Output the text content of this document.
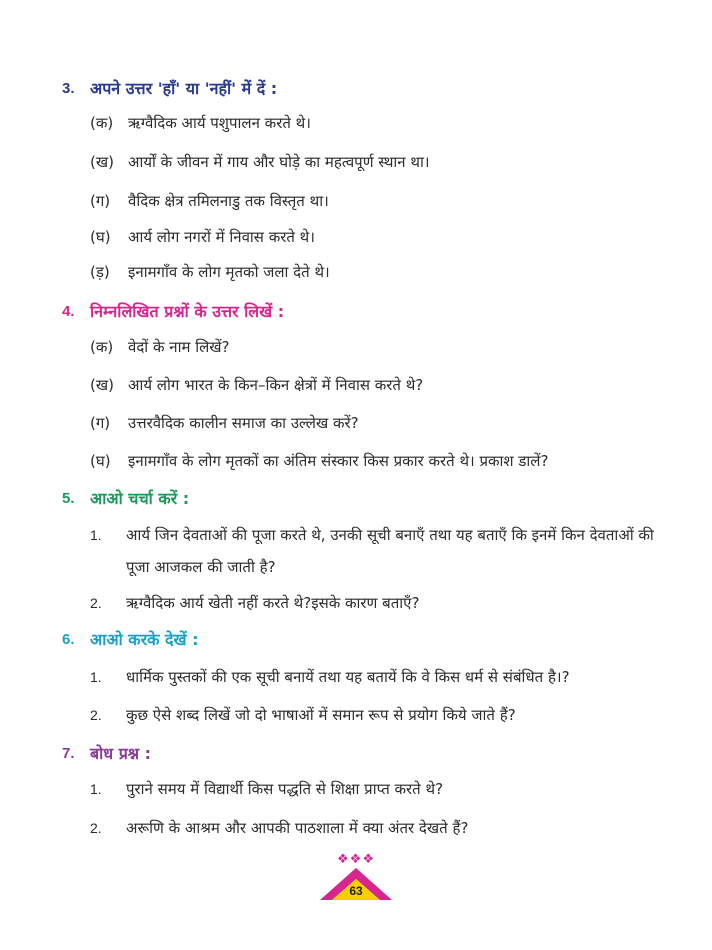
3. अपने उत्तर 'हाँ' या 'नहीं' में दें :
(क) ऋग्वैदिक आर्य पशुपालन करते थे।
(ख) आर्यों के जीवन में गाय और घोड़े का महत्वपूर्ण स्थान था।
(ग)	वैदिक क्षेत्र तमिलनाडु तक विस्तृत था।
(घ)	आर्य लोग नगरों में निवास करते थे।
(ड़)	इनामगाँव के लोग मृतको जला देते थे।
4. निम्नलिखित प्रश्नों के उत्तर लिखें :
(क) वेदों के नाम लिखें?
(ख) आर्य लोग भारत के किन–किन क्षेत्रों में निवास करते थे?
(ग)	उत्तरवैदिक कालीन समाज का उल्लेख करें?
(घ)	इनामगाँव के लोग मृतकों का अंतिम संस्कार किस प्रकार करते थे। प्रकाश डालें?
5. आओ चर्चा करें :
1.	आर्य जिन देवताओं की पूजा करते थे, उनकी सूची बनाएँ तथा यह बताएँ कि इनमें किन देवताओं की पूजा आजकल की जाती है?
2.	ऋग्वैदिक आर्य खेती नहीं करते थे?इसके कारण बताएँ?
6. आओ करके देखें :
1.	धार्मिक पुस्तकों की एक सूची बनायें तथा यह बतायें कि वे किस धर्म से संबंधित है।?
2.	कुछ ऐसे शब्द लिखें जो दो भाषाओं में समान रूप से प्रयोग किये जाते हैं?
7. बोध प्रश्न :
1.	पुराने समय में विद्यार्थी किस पद्धति से शिक्षा प्राप्त करते थे?
2.	अरूणि के आश्रम और आपकी पाठशाला में क्या अंतर देखते हैं?
❖❖❖
63
